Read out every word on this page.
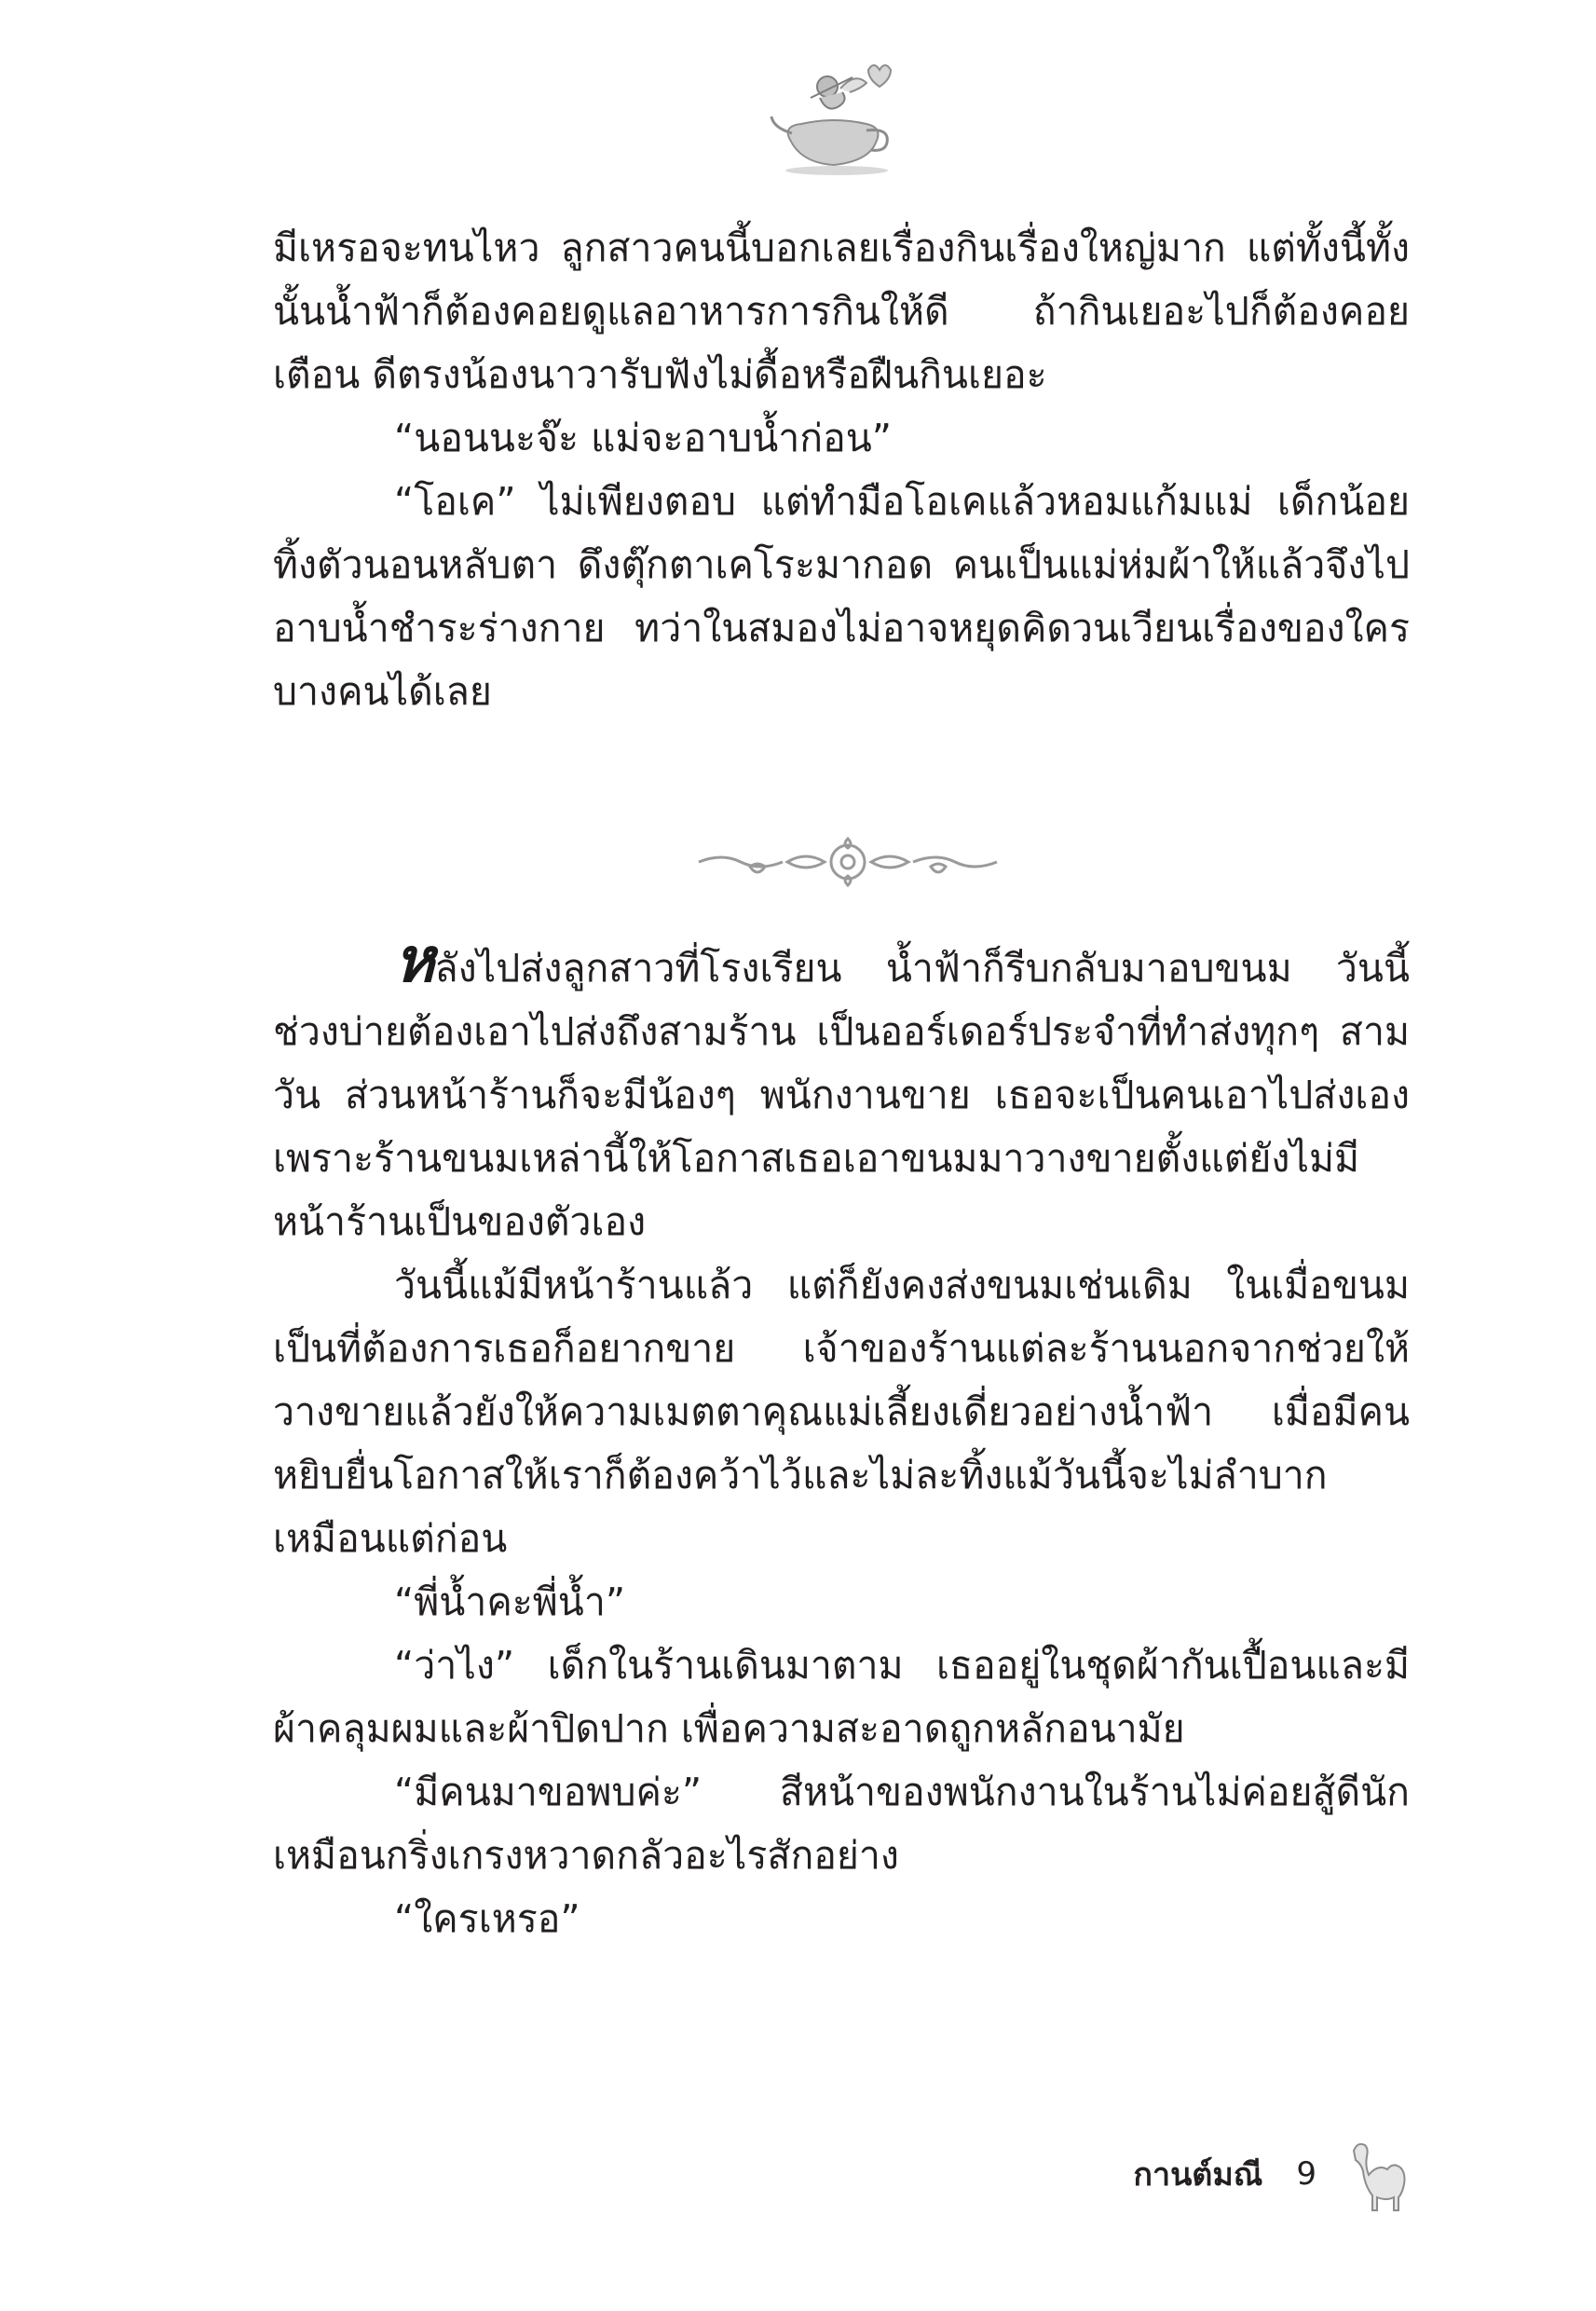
มีเหรอจะทนไหว ลูกสาวคนนี้บอกเลยเรื่องกินเรื่องใหญ่มาก แต่ทั้งนี้ทั้งนั้นน้ำฟ้าก็ต้องคอยดูแลอาหารการกินให้ดี ถ้ากินเยอะไปก็ต้องคอยเตือน ดีตรงน้องนาวารับฟังไม่ดื้อหรือฝืนกินเยอะ

“นอนนะจ๊ะ แม่จะอาบน้ำก่อน”

“โอเค” ไม่เพียงตอบ แต่ทำมือโอเคแล้วหอมแก้มแม่ เด็กน้อยทิ้งตัวนอนหลับตา ดึงตุ๊กตาเคโระมากอด คนเป็นแม่ห่มผ้าให้แล้วจึงไปอาบน้ำชำระร่างกาย ทว่าในสมองไม่อาจหยุดคิดวนเวียนเรื่องของใครบางคนได้เลย

หลังไปส่งลูกสาวที่โรงเรียน น้ำฟ้าก็รีบกลับมาอบขนม วันนี้ช่วงบ่ายต้องเอาไปส่งถึงสามร้าน เป็นออร์เดอร์ประจำที่ทำส่งทุกๆ สามวัน ส่วนหน้าร้านก็จะมีน้องๆ พนักงานขาย เธอจะเป็นคนเอาไปส่งเอง เพราะร้านขนมเหล่านี้ให้โอกาสเธอเอาขนมมาวางขายตั้งแต่ยังไม่มีหน้าร้านเป็นของตัวเอง

วันนี้แม้มีหน้าร้านแล้ว แต่ก็ยังคงส่งขนมเช่นเดิม ในเมื่อขนมเป็นที่ต้องการเธอก็อยากขาย เจ้าของร้านแต่ละร้านนอกจากช่วยให้วางขายแล้วยังให้ความเมตตาคุณแม่เลี้ยงเดี่ยวอย่างน้ำฟ้า เมื่อมีคนหยิบยื่นโอกาสให้เราก็ต้องคว้าไว้และไม่ละทิ้งแม้วันนี้จะไม่ลำบากเหมือนแต่ก่อน

“พี่น้ำคะพี่น้ำ”

“ว่าไง” เด็กในร้านเดินมาตาม เธออยู่ในชุดผ้ากันเปื้อนและมีผ้าคลุมผมและผ้าปิดปาก เพื่อความสะอาดถูกหลักอนามัย

“มีคนมาขอพบค่ะ” สีหน้าของพนักงานในร้านไม่ค่อยสู้ดีนักเหมือนกริ่งเกรงหวาดกลัวอะไรสักอย่าง

“ใครเหรอ”

กานต์มณี 9
